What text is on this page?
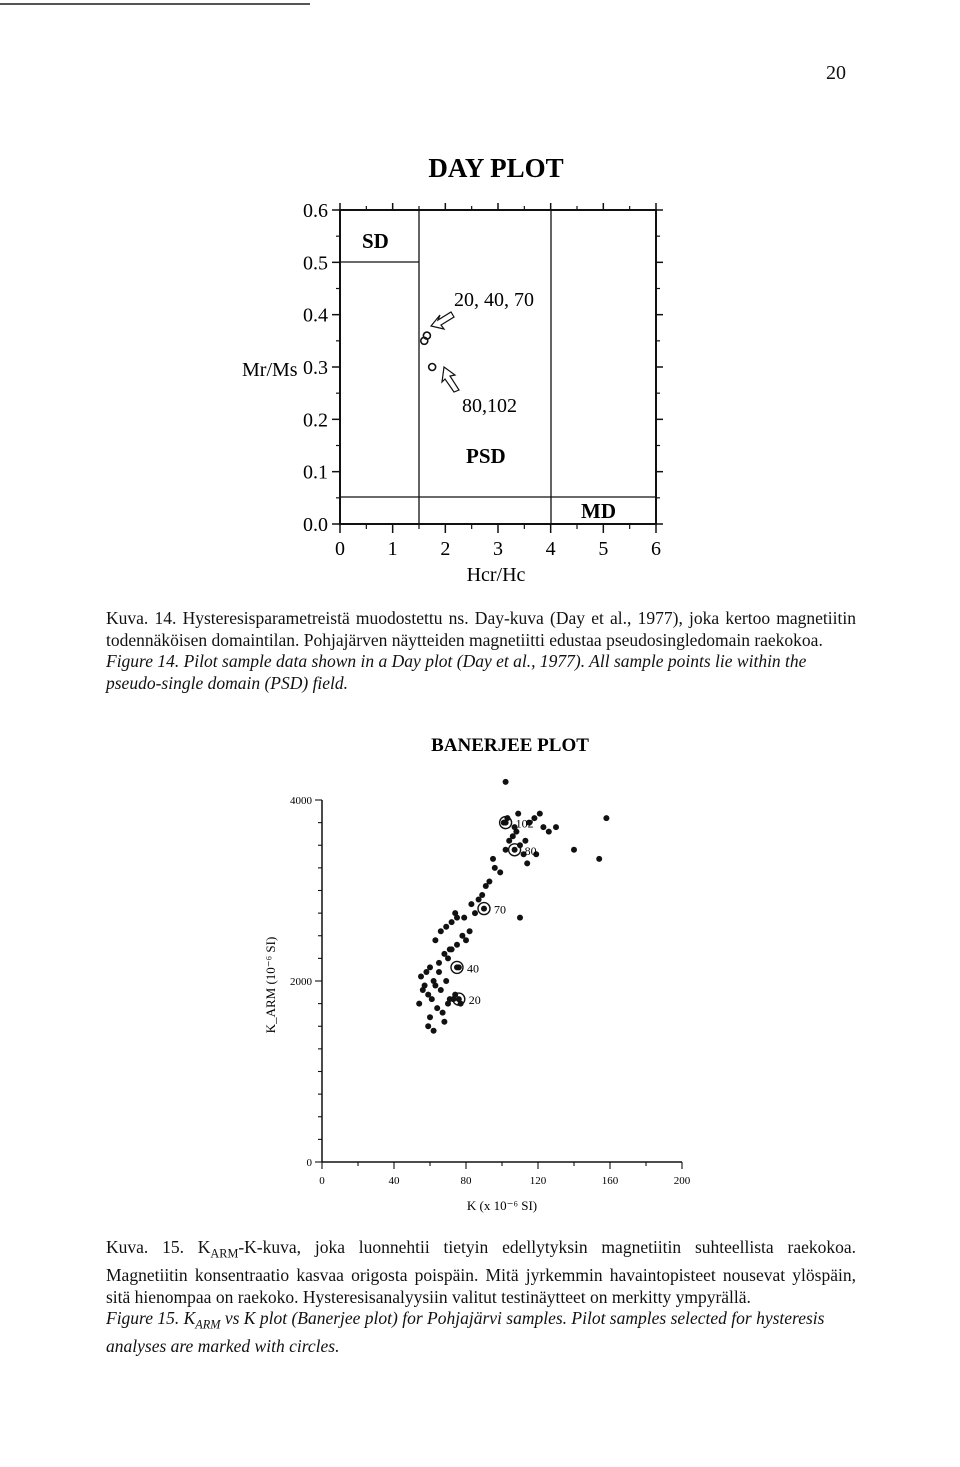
20
DAY PLOT
SD
PSD
MD
20, 40, 70
80,102
Mr/Ms
Hcr/Hc
0.0
0.1
0.2
0.3
0.4
0.5
0.6
0 1 2 3 4 5 6

Kuva. 14. Hysteresisparametreistä muodostettu ns. Day-kuva (Day et al., 1977), joka kertoo magnetiitin todennäköisen domaintilan. Pohjajärven näytteiden magnetiitti edustaa pseudosingledomain raekokoa.

Figure 14. Pilot sample data shown in a Day plot (Day et al., 1977). All sample points lie within the pseudo-single domain (PSD) field.

BANERJEE PLOT
0
2000
4000
0	40	80	120	160	200
102
80
70
40
20
K (x 10⁻⁶ SI)
K_ARM (10⁻⁶ SI)

Kuva. 15. $K_{ARM}-K$-kuva, joka luonnehtii tietyin edellytyksin magnetiitin suhteellista raekokoa. Magnetiitin konsentraatio kasvaa origosta poispäin. Mitä jyrkemmin havaintopisteet nousevat ylöspäin, sitä hienompaa on raekoko. Hysteresisanalyysiin valitut testinäytteet on merkitty ympyrällä.

Figure 15. $K_{ARM}$ vs K plot (Banerjee plot) for Pohjajärvi samples. Pilot samples selected for hysteresis analyses are marked with circles.
